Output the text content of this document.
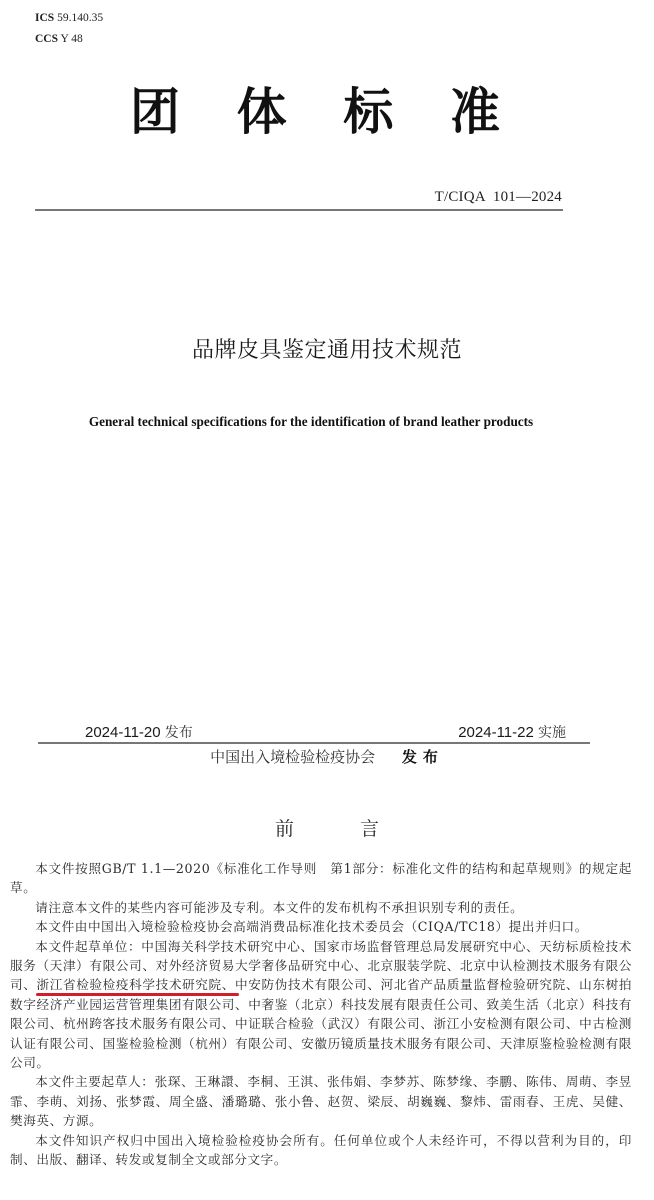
ICS 59.140.35
CCS Y 48
团 体 标 准
T/CIQA  101—2024
品牌皮具鉴定通用技术规范
General technical specifications for the identification of brand leather products
2024-11-20 发布	2024-11-22 实施
中国出入境检验检疫协会 发布
前	言

本文件按照GB/T 1.1—2020《标准化工作导则　第1部分：标准化文件的结构和起草规则》的规定起草。

请注意本文件的某些内容可能涉及专利。本文件的发布机构不承担识别专利的责任。

本文件由中国出入境检验检疫协会高端消费品标准化技术委员会（CIQA/TC18）提出并归口。

本文件起草单位：中国海关科学技术研究中心、国家市场监督管理总局发展研究中心、天纺标质检技术服务（天津）有限公司、对外经济贸易大学奢侈品研究中心、北京服装学院、北京中认检测技术服务有限公司、浙江省检验检疫科学技术研究院、中安防伪技术有限公司、河北省产品质量监督检验研究院、山东树拍数字经济产业园运营管理集团有限公司、中奢鉴（北京）科技发展有限责任公司、致美生活（北京）科技有限公司、杭州跨客技术服务有限公司、中证联合检验（武汉）有限公司、浙江小安检测有限公司、中古检测认证有限公司、国鉴检验检测（杭州）有限公司、安徽历镜质量技术服务有限公司、天津原鉴检验检测有限公司。

本文件主要起草人：张琛、王琳譞、李桐、王淇、张伟娟、李梦苏、陈梦缘、李鹏、陈伟、周萌、李昱霏、李萌、刘扬、张梦霞、周全盛、潘璐璐、张小鲁、赵贺、梁辰、胡巍巍、黎炜、雷雨春、王虎、吴健、樊海英、方源。

本文件知识产权归中国出入境检验检疫协会所有。任何单位或个人未经许可，不得以营利为目的，印制、出版、翻译、转发或复制全文或部分文字。
